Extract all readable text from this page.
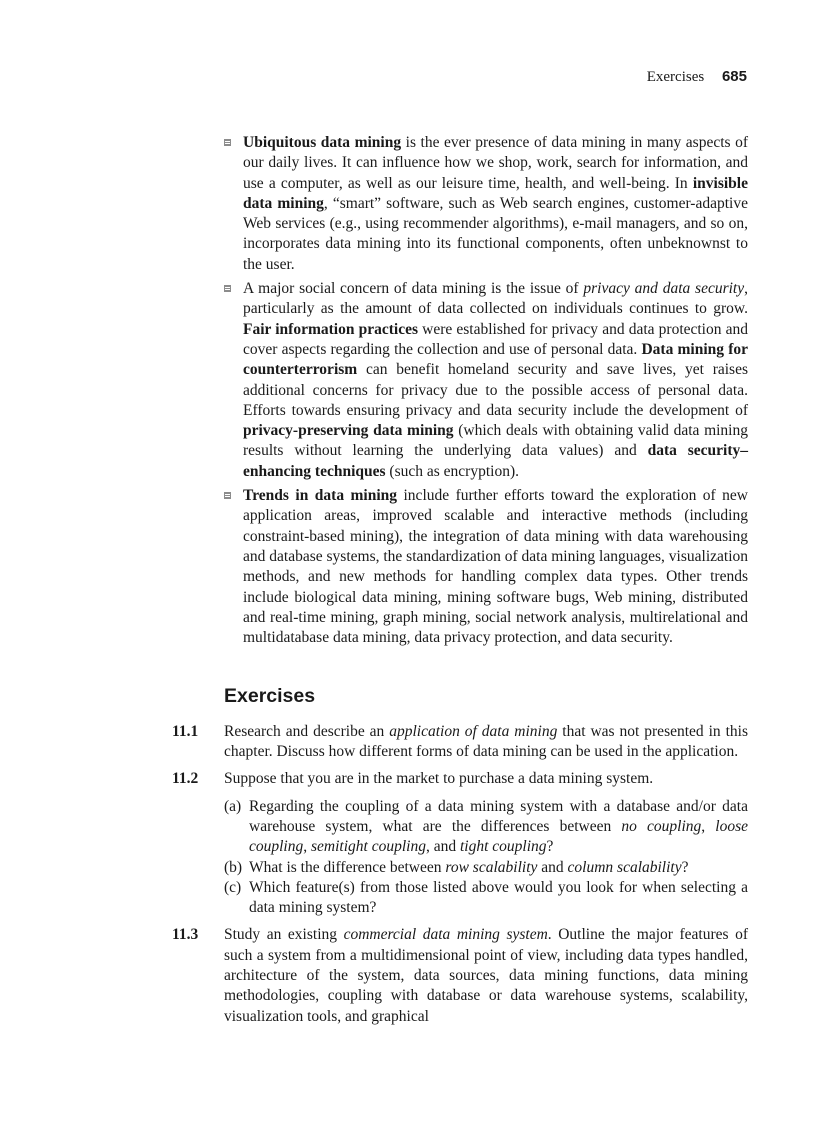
Exercises 685

Ubiquitous data mining is the ever presence of data mining in many aspects of our daily lives. It can influence how we shop, work, search for information, and use a computer, as well as our leisure time, health, and well-being. In invisible data mining, “smart” software, such as Web search engines, customer-adaptive Web services (e.g., using recommender algorithms), e-mail managers, and so on, incorporates data mining into its functional components, often unbeknownst to the user.

A major social concern of data mining is the issue of privacy and data security, particularly as the amount of data collected on individuals continues to grow. Fair information practices were established for privacy and data protection and cover aspects regarding the collection and use of personal data. Data mining for counterterrorism can benefit homeland security and save lives, yet raises additional concerns for privacy due to the possible access of personal data. Efforts towards ensuring privacy and data security include the development of privacy-preserving data mining (which deals with obtaining valid data mining results without learning the underlying data values) and data security–enhancing techniques (such as encryption).

Trends in data mining include further efforts toward the exploration of new application areas, improved scalable and interactive methods (including constraint-based mining), the integration of data mining with data warehousing and database systems, the standardization of data mining languages, visualization methods, and new methods for handling complex data types. Other trends include biological data mining, mining software bugs, Web mining, distributed and real-time mining, graph mining, social network analysis, multirelational and multidatabase data mining, data privacy protection, and data security.

Exercises
11.1	Research and describe an application of data mining that was not presented in this chapter. Discuss how different forms of data mining can be used in the application.

11.2	Suppose that you are in the market to purchase a data mining system.

(a) Regarding the coupling of a data mining system with a database and/or data warehouse system, what are the differences between no coupling, loose coupling, semitight coupling, and tight coupling?

(b) What is the difference between row scalability and column scalability?

(c) Which feature(s) from those listed above would you look for when selecting a data mining system?

11.3	Study an existing commercial data mining system. Outline the major features of such a system from a multidimensional point of view, including data types handled, architecture of the system, data sources, data mining functions, data mining methodologies, coupling with database or data warehouse systems, scalability, visualization tools, and graphical
